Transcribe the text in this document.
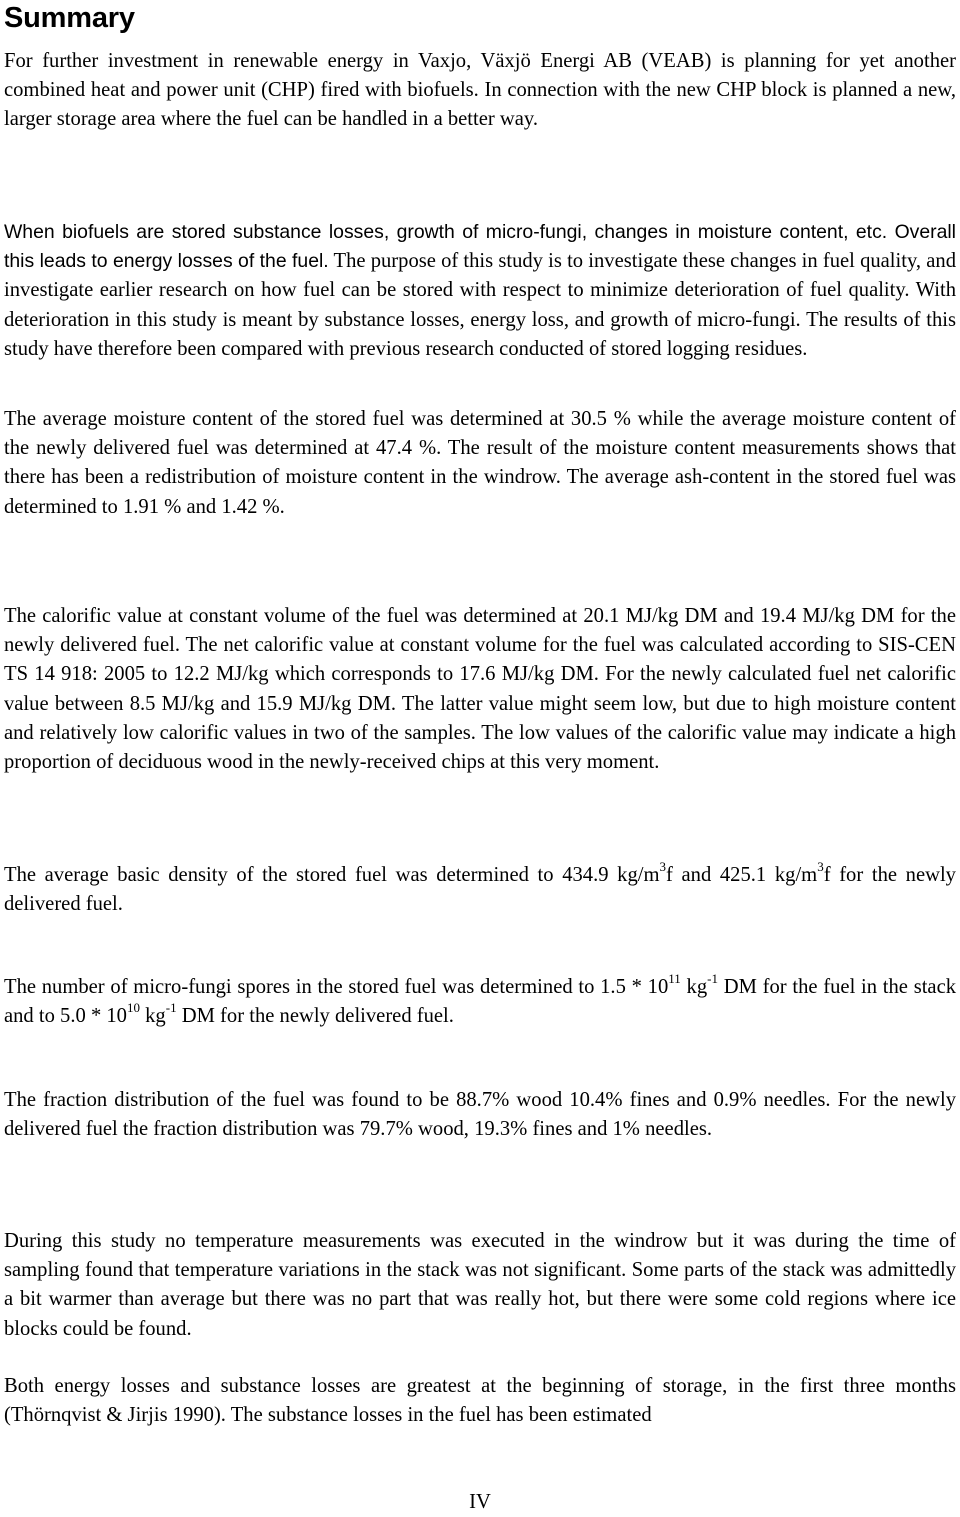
Summary

For further investment in renewable energy in Vaxjo, Växjö Energi AB (VEAB) is planning for yet another combined heat and power unit (CHP) fired with biofuels. In connection with the new CHP block is planned a new, larger storage area where the fuel can be handled in a better way.

When biofuels are stored substance losses, growth of micro-fungi, changes in moisture content, etc. Overall this leads to energy losses of the fuel. The purpose of this study is to investigate these changes in fuel quality, and investigate earlier research on how fuel can be stored with respect to minimize deterioration of fuel quality. With deterioration in this study is meant by substance losses, energy loss, and growth of micro-fungi. The results of this study have therefore been compared with previous research conducted of stored logging residues.

The average moisture content of the stored fuel was determined at 30.5 % while the average moisture content of the newly delivered fuel was determined at 47.4 %. The result of the moisture content measurements shows that there has been a redistribution of moisture content in the windrow. The average ash-content in the stored fuel was determined to 1.91 % and 1.42 %.

The calorific value at constant volume of the fuel was determined at 20.1 MJ/kg DM and 19.4 MJ/kg DM for the newly delivered fuel. The net calorific value at constant volume for the fuel was calculated according to SIS-CEN TS 14 918: 2005 to 12.2 MJ/kg which corresponds to 17.6 MJ/kg DM. For the newly calculated fuel net calorific value between 8.5 MJ/kg and 15.9 MJ/kg DM. The latter value might seem low, but due to high moisture content and relatively low calorific values in two of the samples. The low values of the calorific value may indicate a high proportion of deciduous wood in the newly-received chips at this very moment.

The average basic density of the stored fuel was determined to 434.9 $kg/m^3f$ and 425.1 $kg/m^3f$ for the newly delivered fuel.

The number of micro-fungi spores in the stored fuel was determined to $1.5 * 10^{11}$ $kg^{-1}$ DM for the fuel in the stack and to $5.0 * 10^{10}$ $kg^{-1}$ DM for the newly delivered fuel.

The fraction distribution of the fuel was found to be 88.7% wood 10.4% fines and 0.9% needles. For the newly delivered fuel the fraction distribution was 79.7% wood, 19.3% fines and 1% needles.

During this study no temperature measurements was executed in the windrow but it was during the time of sampling found that temperature variations in the stack was not significant. Some parts of the stack was admittedly a bit warmer than average but there was no part that was really hot, but there were some cold regions where ice blocks could be found.

Both energy losses and substance losses are greatest at the beginning of storage, in the first three months (Thörnqvist & Jirjis 1990). The substance losses in the fuel has been estimated

IV
